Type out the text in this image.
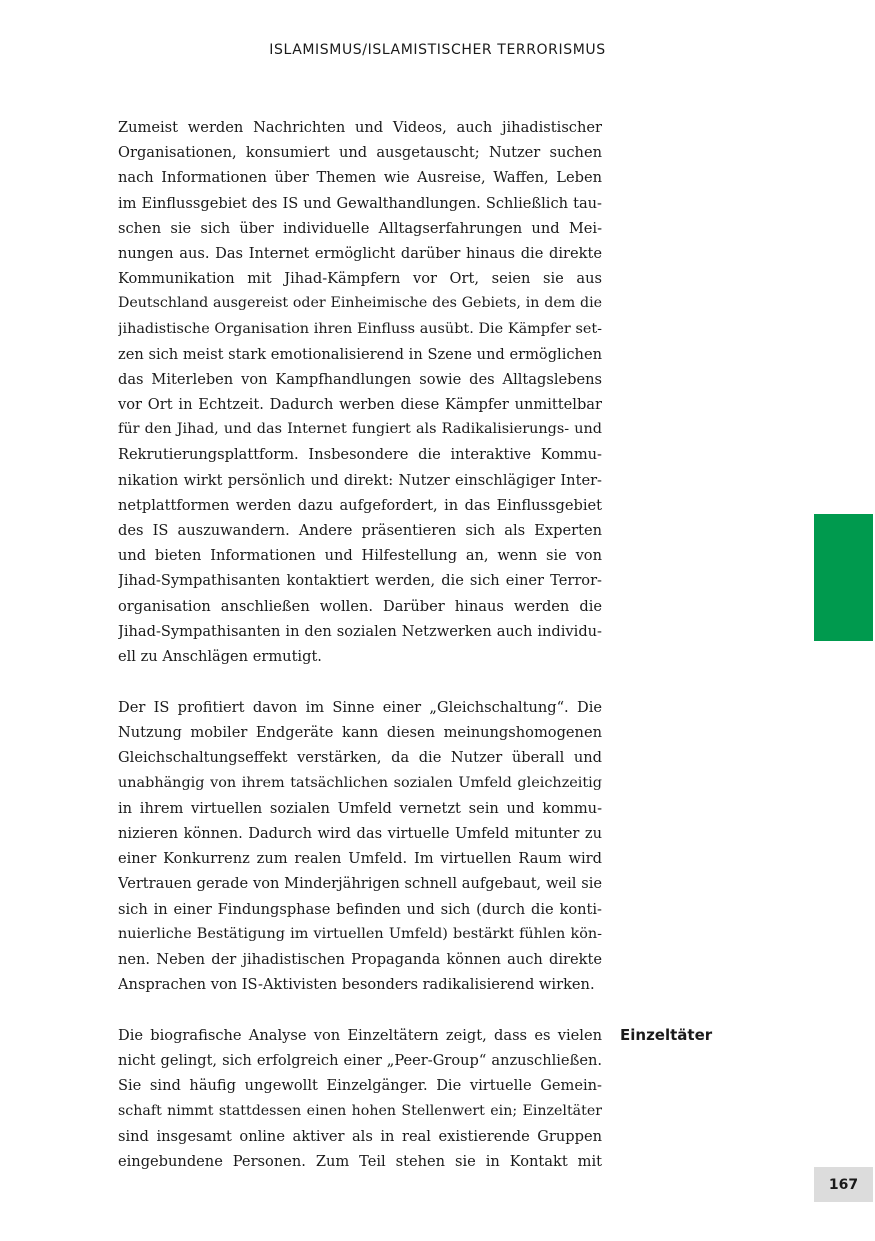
ISLAMISMUS/ISLAMISTISCHER TERRORISMUS
Zumeist werden Nachrichten und Videos, auch jihadistischer
Organisationen, konsumiert und ausgetauscht; Nutzer suchen
nach Informationen über Themen wie Ausreise, Waffen, Leben
im Einflussgebiet des IS und Gewalthandlungen. Schließlich tau-
schen sie sich über individuelle Alltagserfahrungen und Mei-
nungen aus. Das Internet ermöglicht darüber hinaus die direkte
Kommunikation mit Jihad-Kämpfern vor Ort, seien sie aus
Deutschland ausgereist oder Einheimische des Gebiets, in dem die
jihadistische Organisation ihren Einfluss ausübt. Die Kämpfer set-
zen sich meist stark emotionalisierend in Szene und ermöglichen
das Miterleben von Kampfhandlungen sowie des Alltagslebens
vor Ort in Echtzeit. Dadurch werben diese Kämpfer unmittelbar
für den Jihad, und das Internet fungiert als Radikalisierungs- und
Rekrutierungsplattform. Insbesondere die interaktive Kommu-
nikation wirkt persönlich und direkt: Nutzer einschlägiger Inter-
netplattformen werden dazu aufgefordert, in das Einflussgebiet
des IS auszuwandern. Andere präsentieren sich als Experten
und bieten Informationen und Hilfestellung an, wenn sie von
Jihad-Sympathisanten kontaktiert werden, die sich einer Terror-
organisation anschließen wollen. Darüber hinaus werden die
Jihad-Sympathisanten in den sozialen Netzwerken auch individu-
ell zu Anschlägen ermutigt.
Der IS profitiert davon im Sinne einer „Gleichschaltung“. Die
Nutzung mobiler Endgeräte kann diesen meinungshomogenen
Gleichschaltungseffekt verstärken, da die Nutzer überall und
unabhängig von ihrem tatsächlichen sozialen Umfeld gleichzeitig
in ihrem virtuellen sozialen Umfeld vernetzt sein und kommu-
nizieren können. Dadurch wird das virtuelle Umfeld mitunter zu
einer Konkurrenz zum realen Umfeld. Im virtuellen Raum wird
Vertrauen gerade von Minderjährigen schnell aufgebaut, weil sie
sich in einer Findungsphase befinden und sich (durch die konti-
nuierliche Bestätigung im virtuellen Umfeld) bestärkt fühlen kön-
nen. Neben der jihadistischen Propaganda können auch direkte
Ansprachen von IS-Aktivisten besonders radikalisierend wirken.
Die biografische Analyse von Einzeltätern zeigt, dass es vielen
nicht gelingt, sich erfolgreich einer „Peer-Group“ anzuschließen.
Sie sind häufig ungewollt Einzelgänger. Die virtuelle Gemein-
schaft nimmt stattdessen einen hohen Stellenwert ein; Einzeltäter
sind insgesamt online aktiver als in real existierende Gruppen
eingebundene Personen. Zum Teil stehen sie in Kontakt mit
Einzeltäter
167
